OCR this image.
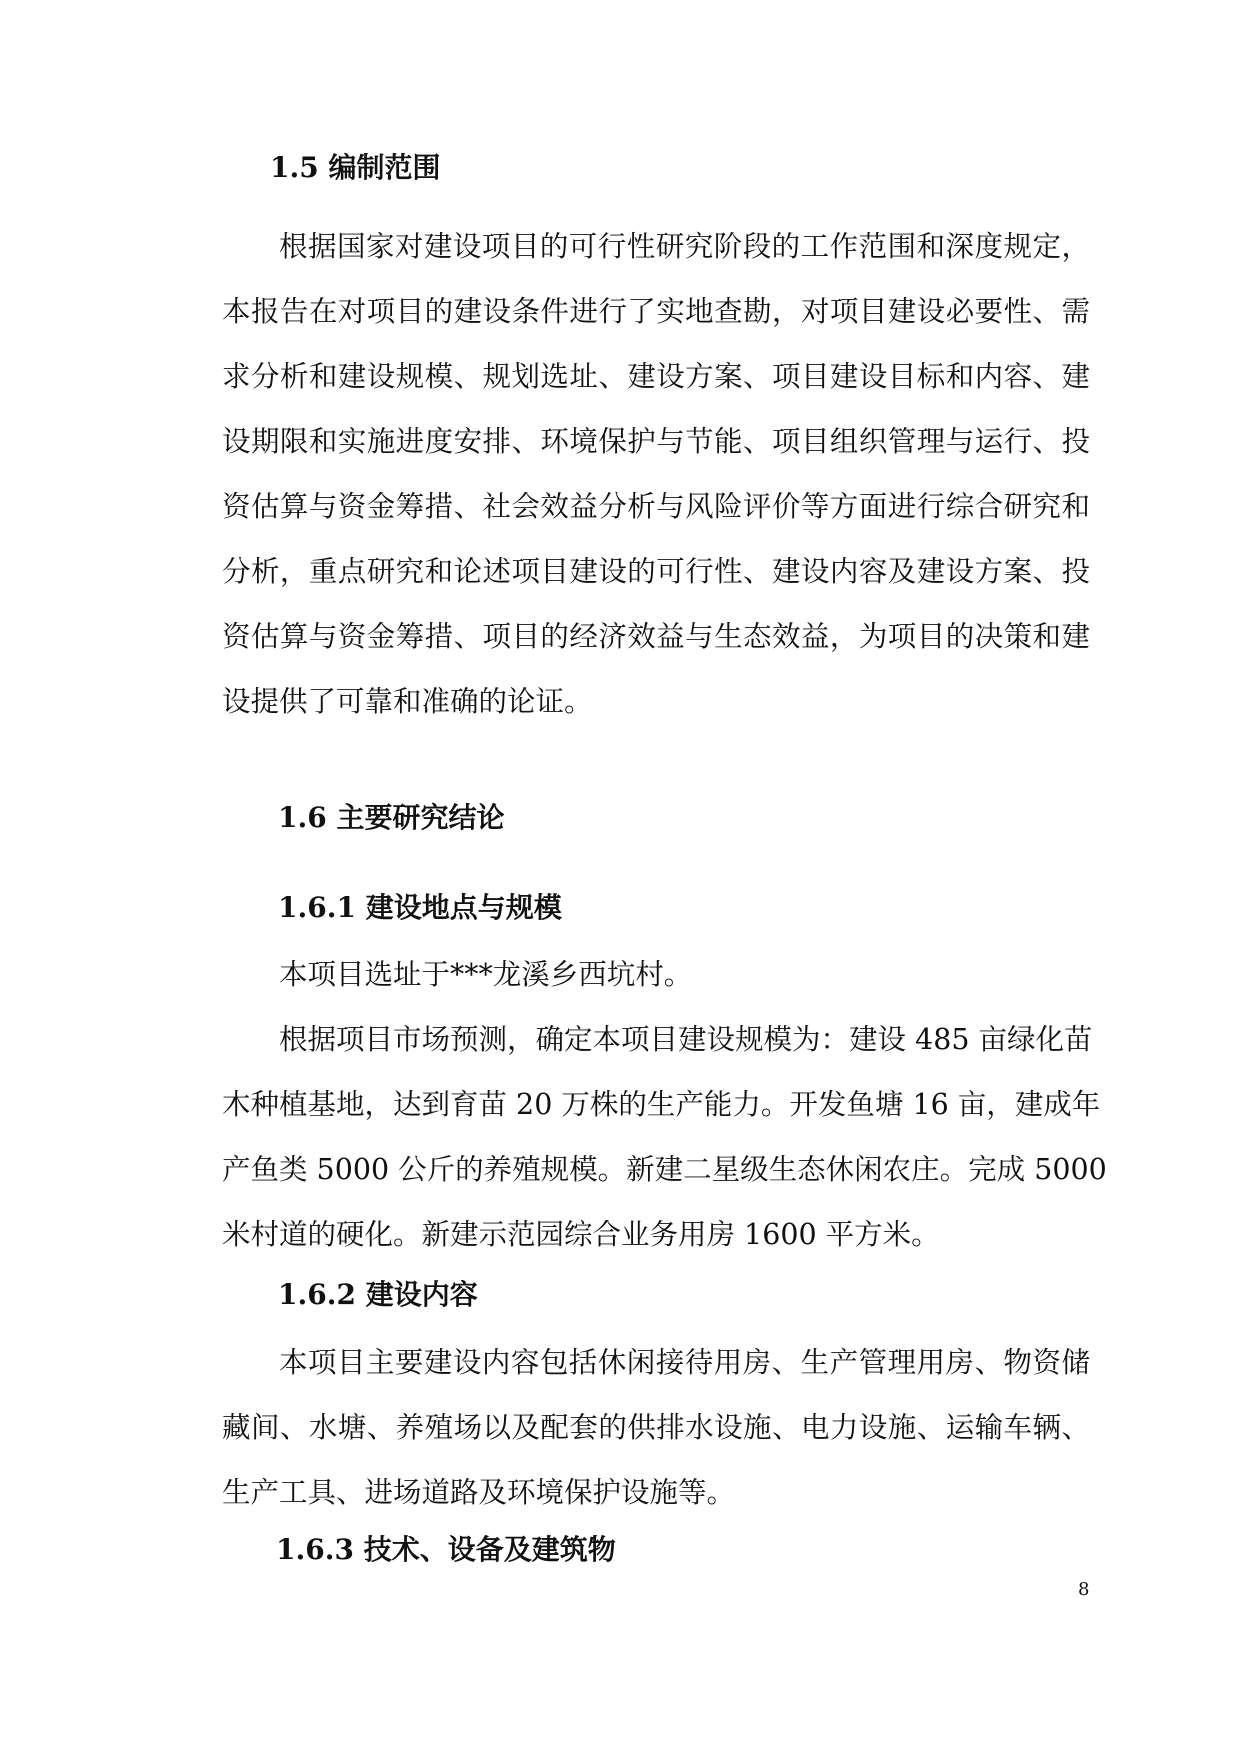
1.5 编制范围
根据国家对建设项目的可行性研究阶段的工作范围和深度规定，
本报告在对项目的建设条件进行了实地查勘，对项目建设必要性、需
求分析和建设规模、规划选址、建设方案、项目建设目标和内容、建
设期限和实施进度安排、环境保护与节能、项目组织管理与运行、投
资估算与资金筹措、社会效益分析与风险评价等方面进行综合研究和
分析，重点研究和论述项目建设的可行性、建设内容及建设方案、投
资估算与资金筹措、项目的经济效益与生态效益，为项目的决策和建
设提供了可靠和准确的论证。
1.6 主要研究结论
1.6.1 建设地点与规模
本项目选址于***龙溪乡西坑村。
根据项目市场预测，确定本项目建设规模为：建设 485 亩绿化苗
木种植基地，达到育苗 20 万株的生产能力。开发鱼塘 16 亩，建成年
产鱼类 5000 公斤的养殖规模。新建二星级生态休闲农庄。完成 5000
米村道的硬化。新建示范园综合业务用房 1600 平方米。
1.6.2 建设内容
本项目主要建设内容包括休闲接待用房、生产管理用房、物资储
藏间、水塘、养殖场以及配套的供排水设施、电力设施、运输车辆、
生产工具、进场道路及环境保护设施等。
1.6.3 技术、设备及建筑物
8
